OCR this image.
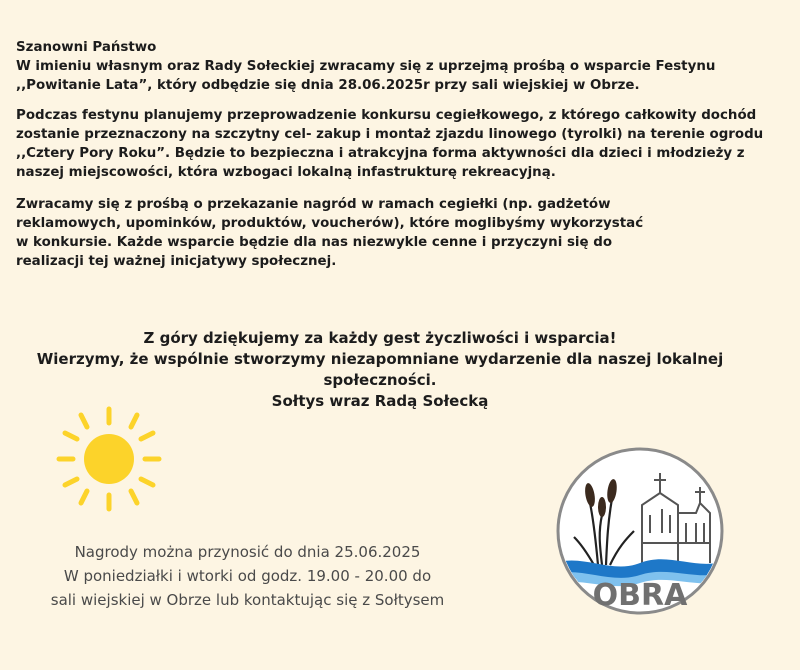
Szanowni Państwo

W imieniu własnym oraz Rady Sołeckiej zwracamy się z uprzejmą prośbą o wsparcie Festynu
,,Powitanie Lata”, który odbędzie się dnia 28.06.2025r przy sali wiejskiej w Obrze.

Podczas festynu planujemy przeprowadzenie konkursu cegiełkowego, z którego całkowity dochód
zostanie przeznaczony na szczytny cel- zakup i montaż zjazdu linowego (tyrolki) na terenie ogrodu
,,Cztery Pory Roku”. Będzie to bezpieczna i atrakcyjna forma aktywności dla dzieci i młodzieży z
naszej miejscowości, która wzbogaci lokalną infastrukturę rekreacyjną.

Zwracamy się z prośbą o przekazanie nagród w ramach cegiełki (np. gadżetów
reklamowych, upominków, produktów, voucherów), które moglibyśmy wykorzystać
w konkursie. Każde wsparcie będzie dla nas niezwykle cenne i przyczyni się do
realizacji tej ważnej inicjatywy społecznej.

Z góry dziękujemy za każdy gest życzliwości i wsparcia!
Wierzymy, że wspólnie stworzymy niezapomniane wydarzenie dla naszej lokalnej
społeczności.
Sołtys wraz Radą Sołecką
Nagrody można przynosić do dnia 25.06.2025
W poniedziałki i wtorki od godz. 19.00 - 20.00 do
sali wiejskiej w Obrze lub kontaktując się z Sołtysem	OBRA
